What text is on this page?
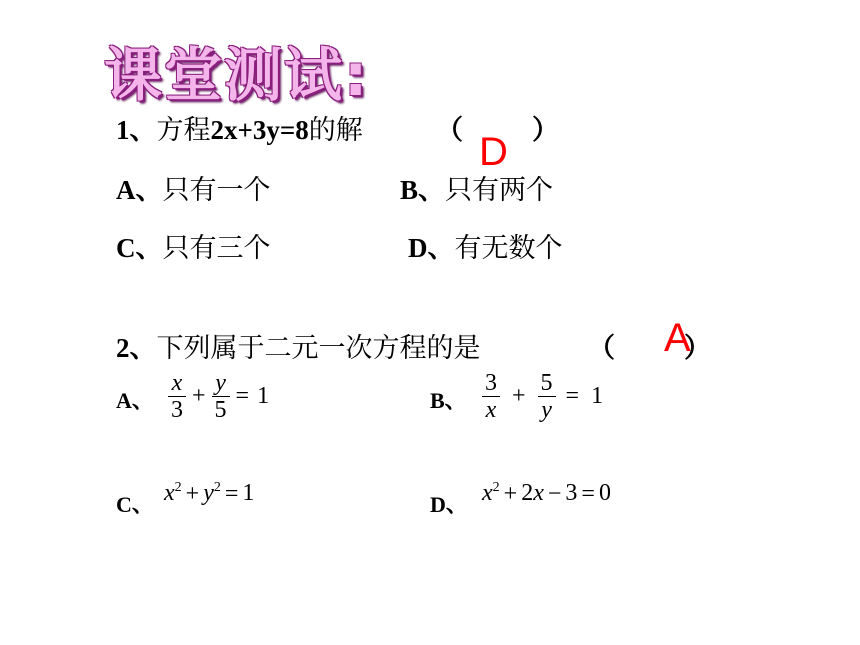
课堂测试:
1、方程2x+3y=8的解	（	）
D
A、只有一个	B、只有两个
C、只有三个	D、有无数个
2、下列属于二元一次方程的是	（	）
A
A、 $\frac{x}{3} + \frac{y}{5} = 1$	B、 $\frac{3}{x} + \frac{5}{y} = 1$
C、 $x^2 + y^2 = 1$	D、 $x^2 + 2x - 3 = 0$
